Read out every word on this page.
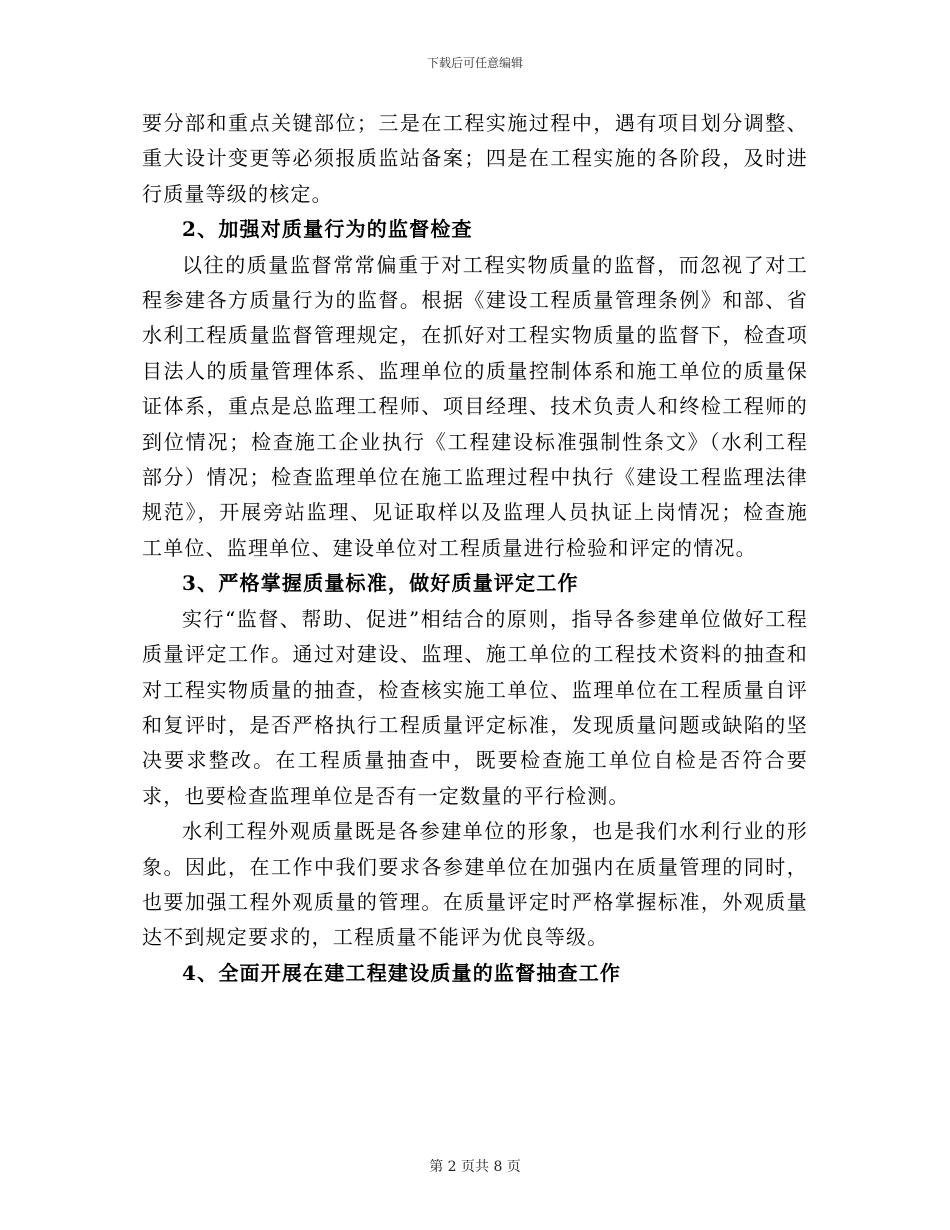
下载后可任意编辑

要分部和重点关键部位；三是在工程实施过程中，遇有项目划分调整、重大设计变更等必须报质监站备案；四是在工程实施的各阶段，及时进行质量等级的核定。

2、加强对质量行为的监督检查

以往的质量监督常常偏重于对工程实物质量的监督，而忽视了对工程参建各方质量行为的监督。根据《建设工程质量管理条例》和部、省水利工程质量监督管理规定，在抓好对工程实物质量的监督下，检查项目法人的质量管理体系、监理单位的质量控制体系和施工单位的质量保证体系，重点是总监理工程师、项目经理、技术负责人和终检工程师的到位情况；检查施工企业执行《工程建设标准强制性条文》（水利工程部分）情况；检查监理单位在施工监理过程中执行《建设工程监理法律规范》，开展旁站监理、见证取样以及监理人员执证上岗情况；检查施工单位、监理单位、建设单位对工程质量进行检验和评定的情况。

3、严格掌握质量标准，做好质量评定工作

实行“监督、帮助、促进”相结合的原则，指导各参建单位做好工程质量评定工作。通过对建设、监理、施工单位的工程技术资料的抽查和对工程实物质量的抽查，检查核实施工单位、监理单位在工程质量自评和复评时，是否严格执行工程质量评定标准，发现质量问题或缺陷的坚决要求整改。在工程质量抽查中，既要检查施工单位自检是否符合要求，也要检查监理单位是否有一定数量的平行检测。

水利工程外观质量既是各参建单位的形象，也是我们水利行业的形象。因此，在工作中我们要求各参建单位在加强内在质量管理的同时，也要加强工程外观质量的管理。在质量评定时严格掌握标准，外观质量达不到规定要求的，工程质量不能评为优良等级。

4、全面开展在建工程建设质量的监督抽查工作

第 2 页共 8 页
